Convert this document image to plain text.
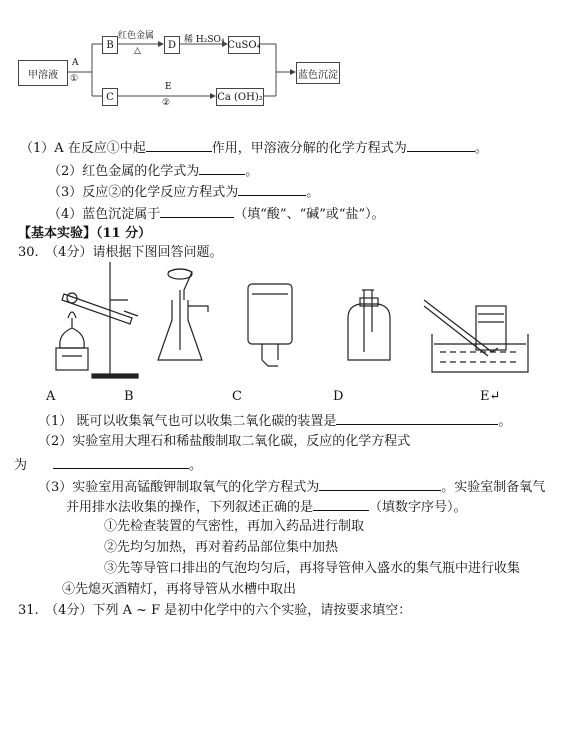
甲溶液
A
①
B
红色金属
△
D 稀 H₂SO₄ CuSO₄
C
E
②
Ca (OH)₂
蓝色沉淀
（1）A 在反应①中起	作用，甲溶液分解的化学方程式为	。
（2）红色金属的化学式为	。
（3）反应②的化学反应方程式为	。
（4）蓝色沉淀属于	（填“酸”、“碱”或“盐”）。
【基本实验】（11 分）
30.　（4分）请根据下图回答问题。
A	B	C	D	E↵
（1） 既可以收集氧气也可以收集二氧化碳的装置是	。
（2）实验室用大理石和稀盐酸制取二氧化碳，反应的化学方程式
为	。
（3）实验室用高锰酸钾制取氧气的化学方程式为	。实验室制备氧气
并用排水法收集的操作，下列叙述正确的是	（填数字序号）。
①先检查装置的气密性，再加入药品进行制取
②先均匀加热，再对着药品部位集中加热
③先等导管口排出的气泡均匀后，再将导管伸入盛水的集气瓶中进行收集
④先熄灭酒精灯，再将导管从水槽中取出
31.　（4分）下列 A ~ F 是初中化学中的六个实验，请按要求填空：
